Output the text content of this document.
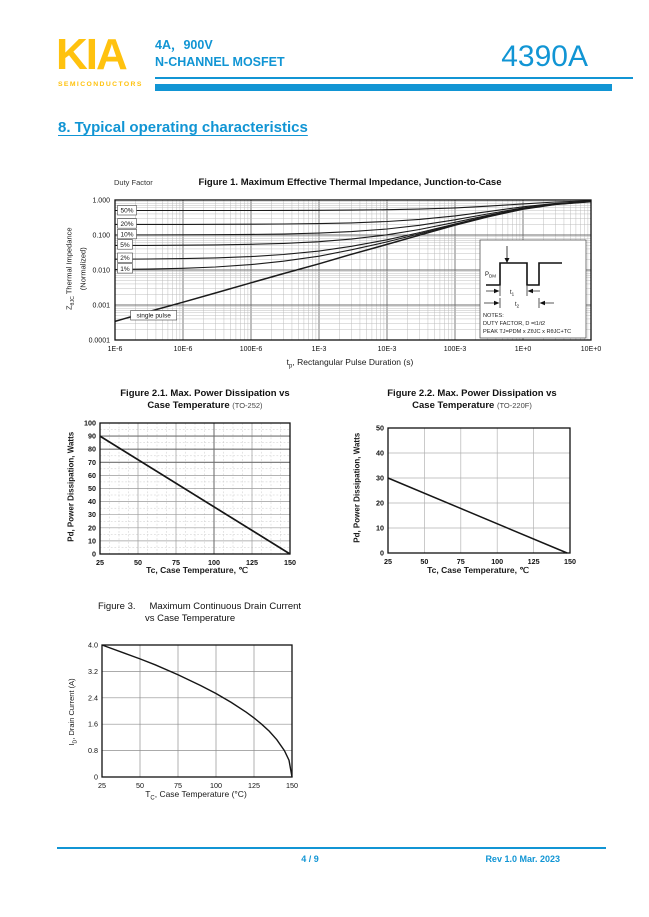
KIA
SEMICONDUCTORS
4A，900V
N-CHANNEL MOSFET	4390A
8. Typical operating characteristics
Figure 1. Maximum Effective Thermal Impedance, Junction-to-Case
Duty Factor
1.000
0.100
0.010
0.001
0.0001
1E-6	10E-6	100E-6	1E-3	10E-3	100E-3	1E+0	10E+0
50%
20%
10%
5%
2%
1%
single pulse
$P_{DM}$
$t_1$
$t_2$
NOTES:
DUTY FACTOR, D =t1/t2
PEAK TJ=PDM x ZθJC x RθJC+TC
$Z_{\theta JC}$ Thermal Impedance (Normalized)
$t_p$, Rectangular Pulse Duration (s)
Figure 2.1. Max. Power Dissipation vs
Case Temperature (TO-252)
25	50	75	100	125	150
0
10
20
30
40
50
60
70
80
90
100
Pd, Power Dissipation, Watts
Tc, Case Temperature, ℃
Figure 2.2. Max. Power Dissipation vs
Case Temperature (TO-220F)
25	50	75	100	125	150
0
10
20
30
40
50
Pd, Power Dissipation, Watts
Tc, Case Temperature, ℃
Figure 3. Maximum Continuous Drain Current
vs Case Temperature
25	50	75	100	125	150
0
0.8
1.6
2.4
3.2
4.0
$I_D$, Drain Current (A)
$T_C$, Case Temperature (°C)
4 / 9	Rev 1.0 Mar. 2023
